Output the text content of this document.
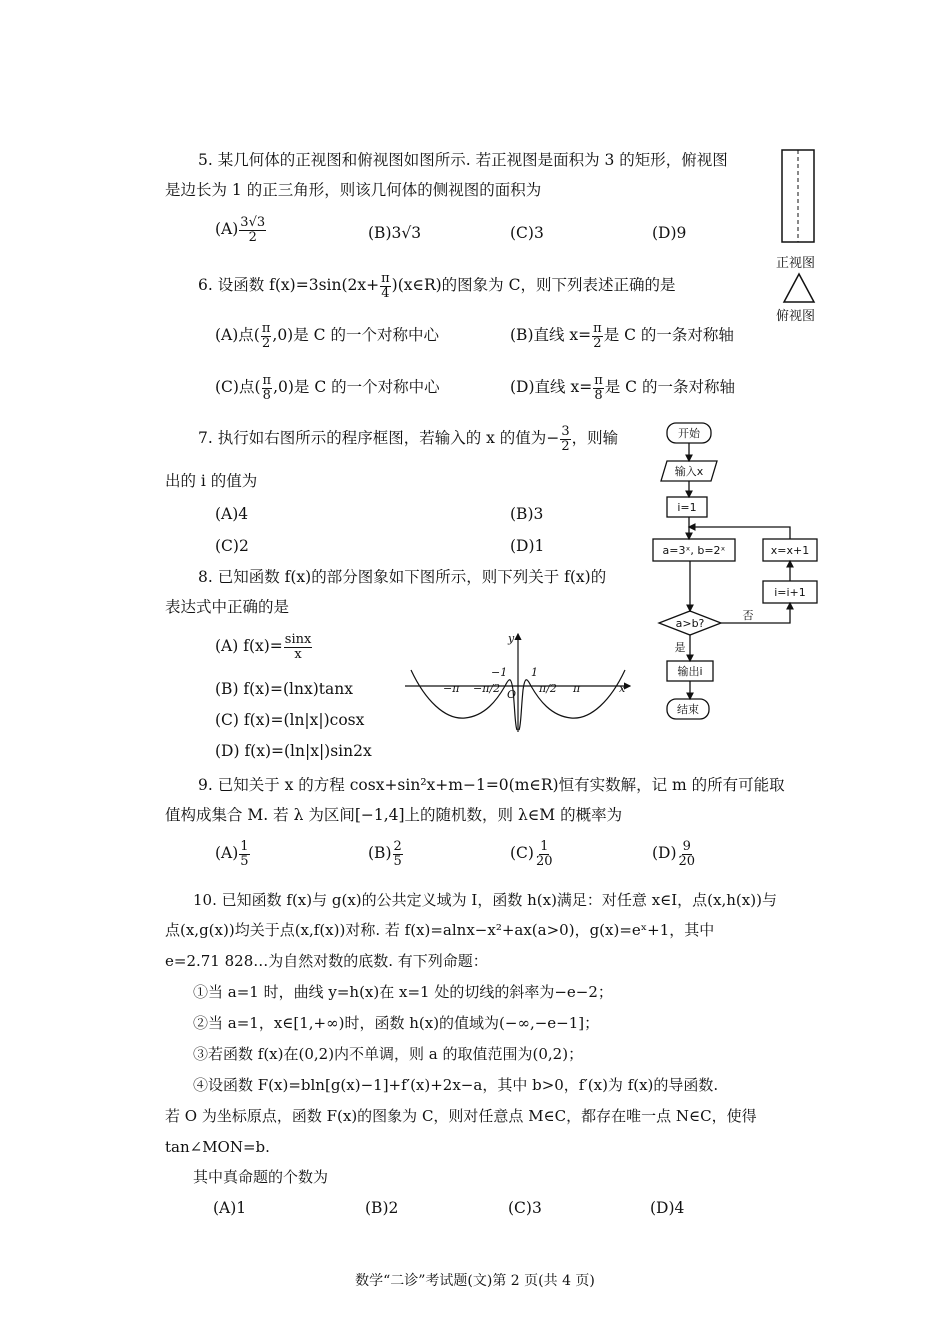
5. 某几何体的正视图和俯视图如图所示. 若正视图是面积为 3 的矩形，俯视图
是边长为 1 的正三角形，则该几何体的侧视图的面积为
$(A) \frac{3√3}{2}$	(B)3√3	(C)3	(D)9
正视图
俯视图
6. 设函数 $f(x)=3\sin(2x+ \frac{\pi}{4}$ )(x∈R)的图象为 C，则下列表述正确的是
(A)点( $\frac{\pi}{2} ,0$)是 C 的一个对称中心	(B)直线 $x= \frac{\pi}{2}$ 是 C 的一条对称轴
(C)点( $\frac{\pi}{8} ,0$)是 C 的一个对称中心	(D)直线 $x= \frac{\pi}{8}$ 是 C 的一条对称轴
7. 执行如右图所示的程序框图，若输入的 x 的值为− $\frac{3}{2}$ ，则输
出的 i 的值为
(A)4	(B)3
(C)2	(D)1
开始
输入x
i=1
a=3ˣ, b=2ˣ
a>b?
输出i
结束
x=x+1
i=i+1
否
是
8. 已知函数 f(x)的部分图象如下图所示，则下列关于 f(x)的
表达式中正确的是
(A) $f(x)= \frac{\sin x}{x}$
(B) f(x)=(lnx)tanx
(C) f(x)=(ln|x|)cosx
(D) f(x)=(ln|x|)sin2x
y
x
O
−1 1
−π	π
−π/2	π/2
9. 已知关于 x 的方程 cosx+sin²x+m−1=0(m∈R)恒有实数解，记 m 的所有可能取
值构成集合 M. 若 λ 为区间[−1,4]上的随机数，则 λ∈M 的概率为
$(A) \frac{1}{5}$	$(B) \frac{2}{5}$	$(C) \frac{1}{20}$	$(D) \frac{9}{20}$
10. 已知函数 f(x)与 g(x)的公共定义域为 I，函数 h(x)满足：对任意 x∈I，点(x,h(x))与
点(x,g(x))均关于点(x,f(x))对称. 若 f(x)=alnx−x²+ax(a>0)，g(x)=eˣ+1，其中
e=2.71 828…为自然对数的底数. 有下列命题：
①当 a=1 时，曲线 y=h(x)在 x=1 处的切线的斜率为−e−2；
②当 a=1，x∈[1,+∞)时，函数 h(x)的值域为(−∞,−e−1]；
③若函数 f(x)在(0,2)内不单调，则 a 的取值范围为(0,2)；
④设函数 F(x)=bln[g(x)−1]+f′(x)+2x−a，其中 b>0，f′(x)为 f(x)的导函数.
若 O 为坐标原点，函数 F(x)的图象为 C，则对任意点 M∈C，都存在唯一点 N∈C，使得
tan∠MON=b.
其中真命题的个数为
(A)1	(B)2	(C)3	(D)4
数学“二诊”考试题(文)第 2 页(共 4 页)
